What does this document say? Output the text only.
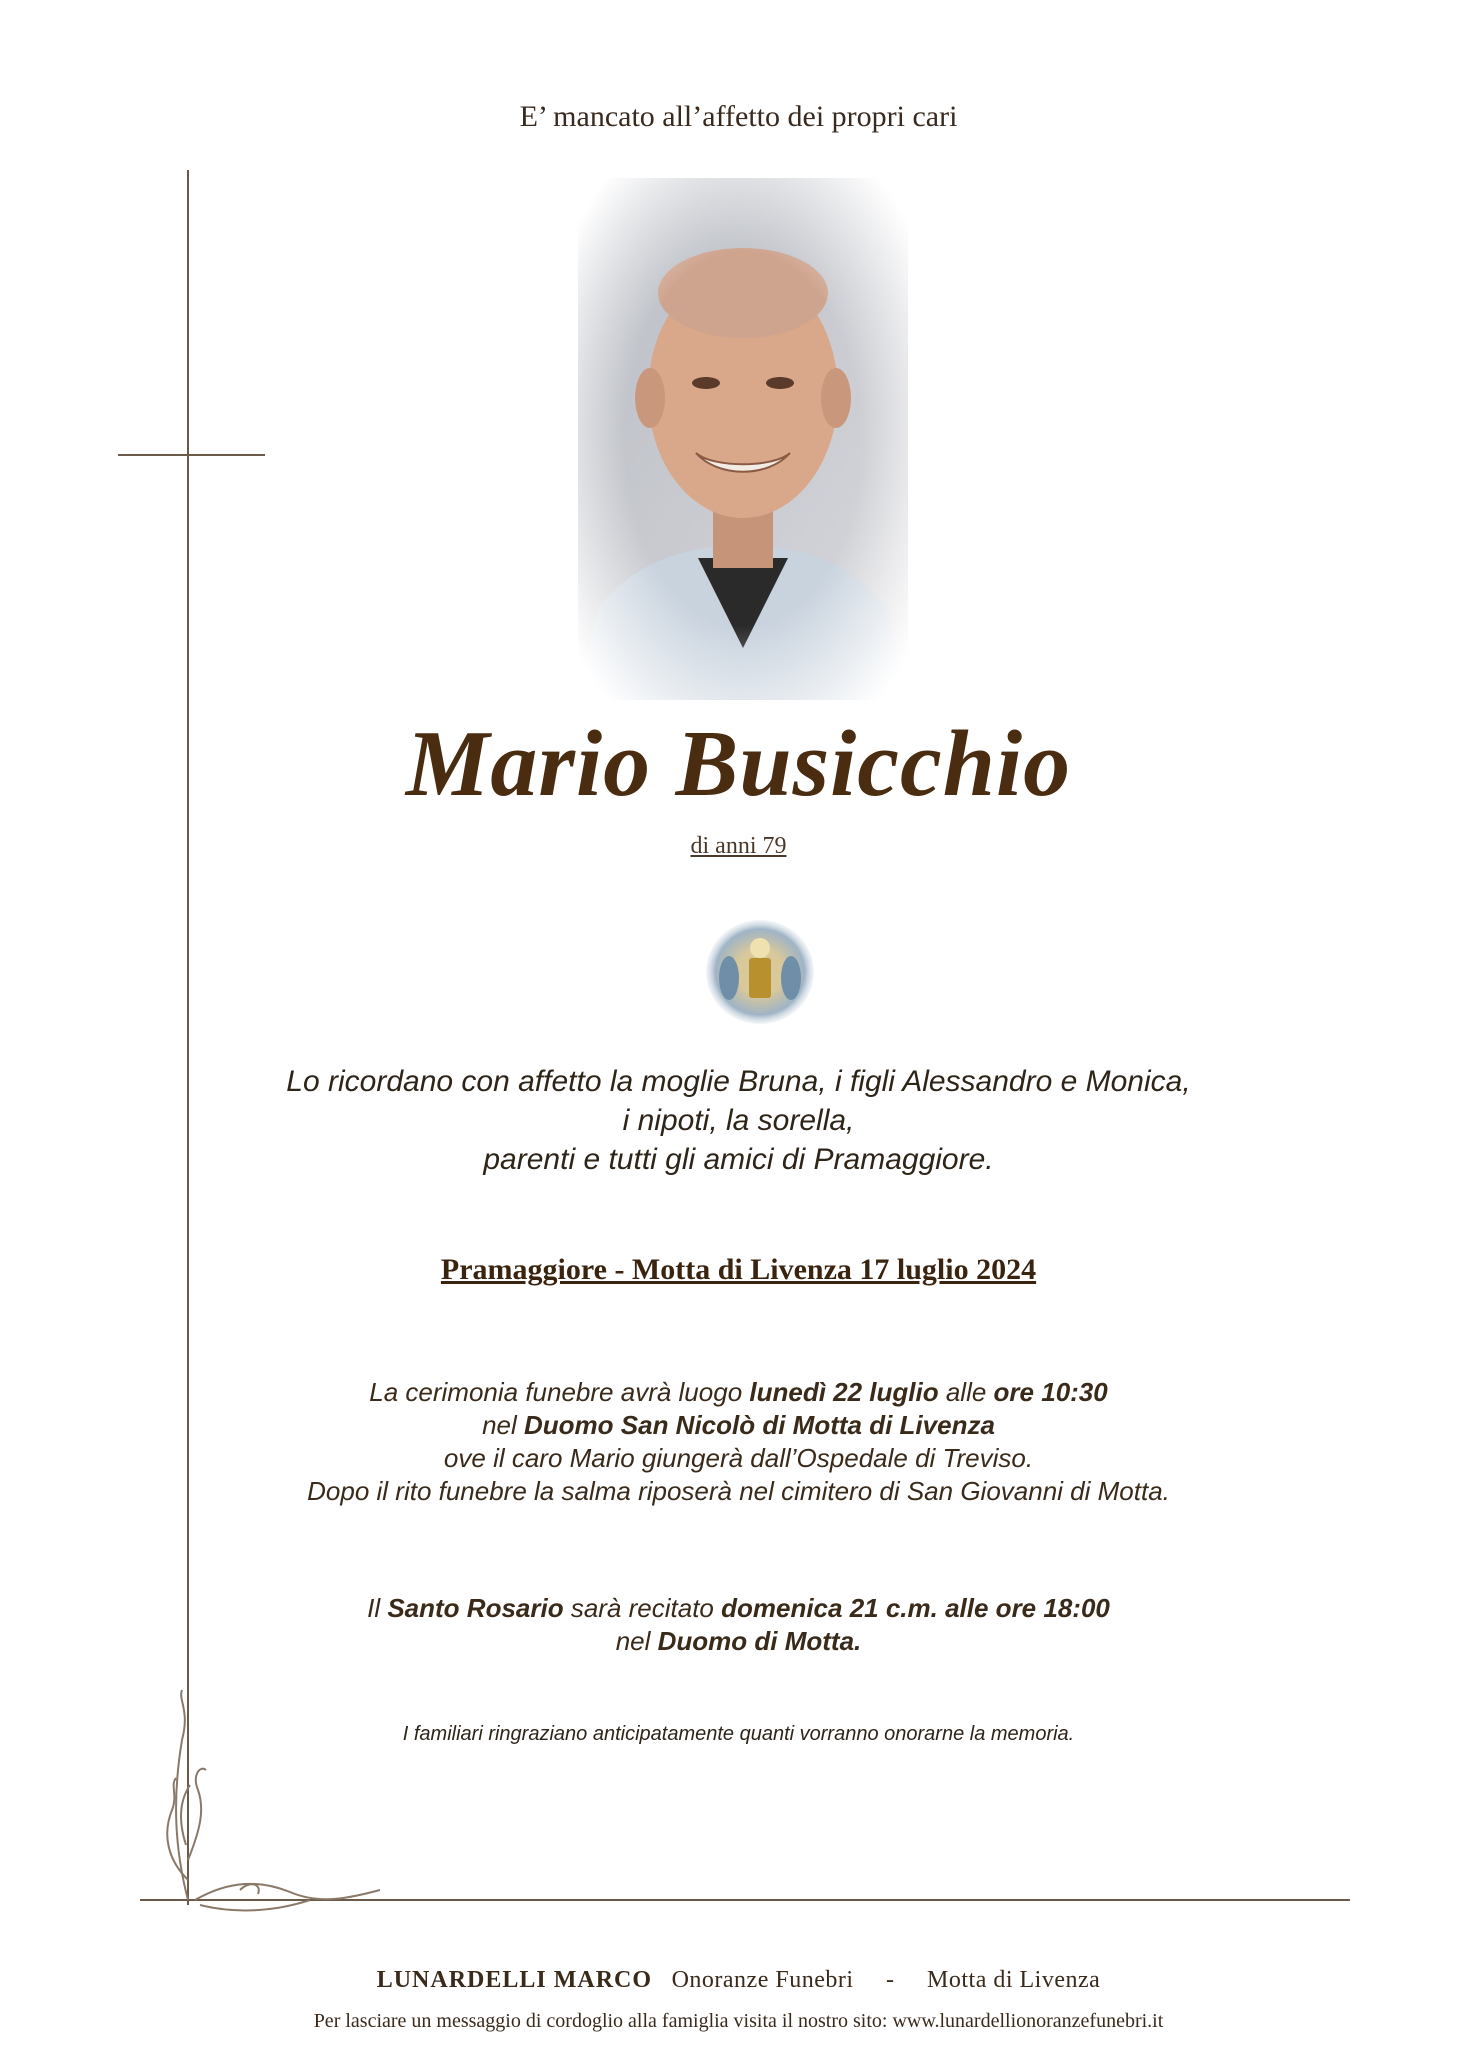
E’ mancato all’affetto dei propri cari
Mario Busicchio
di anni 79
Lo ricordano con affetto la moglie Bruna, i figli Alessandro e Monica,
i nipoti, la sorella,
parenti e tutti gli amici di Pramaggiore.
Pramaggiore - Motta di Livenza 17 luglio 2024
La cerimonia funebre avrà luogo lunedì 22 luglio alle ore 10:30
nel Duomo San Nicolò di Motta di Livenza
ove il caro Mario giungerà dall’Ospedale di Treviso.
Dopo il rito funebre la salma riposerà nel cimitero di San Giovanni di Motta.
Il Santo Rosario sarà recitato domenica 21 c.m. alle ore 18:00
nel Duomo di Motta.
I familiari ringraziano anticipatamente quanti vorranno onorarne la memoria.
LUNARDELLI MARCO Onoranze Funebri - Motta di Livenza
Per lasciare un messaggio di cordoglio alla famiglia visita il nostro sito: www.lunardellionoranzefunebri.it
